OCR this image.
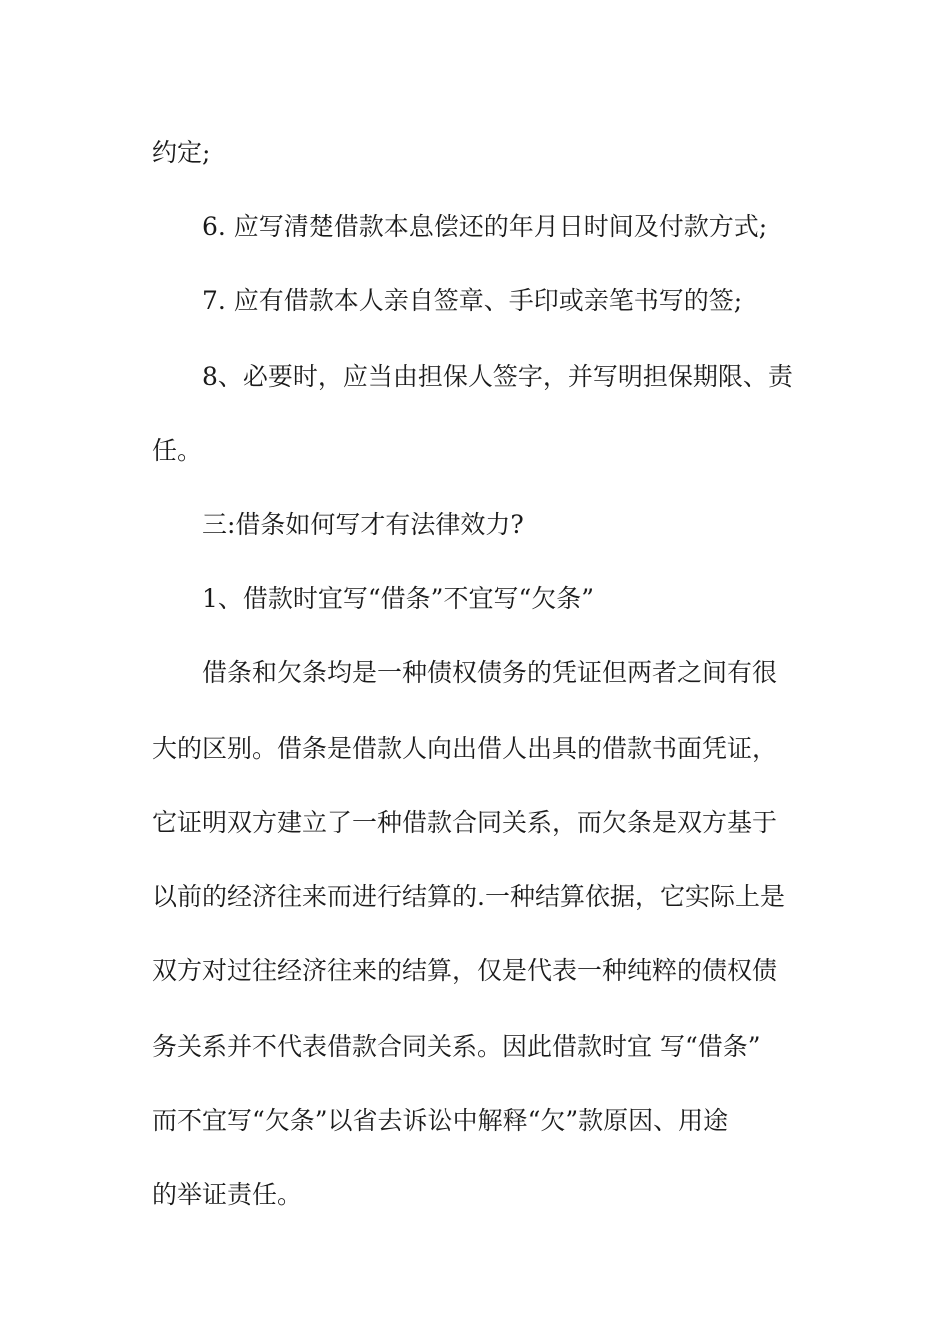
约定;
6. 应写清楚借款本息偿还的年月日时间及付款方式;
7. 应有借款本人亲自签章、手印或亲笔书写的签;
8、必要时，应当由担保人签字，并写明担保期限、责
任。
三:借条如何写才有法律效力?
1、借款时宜写“借条”不宜写“欠条”
借条和欠条均是一种债权债务的凭证但两者之间有很
大的区别。借条是借款人向出借人出具的借款书面凭证，
它证明双方建立了一种借款合同关系，而欠条是双方基于
以前的经济往来而进行结算的.一种结算依据，它实际上是
双方对过往经济往来的结算，仅是代表一种纯粹的债权债
务关系并不代表借款合同关系。因此借款时宜 写“借条”
而不宜写“欠条”以省去诉讼中解释“欠”款原因、用途
的举证责任。
